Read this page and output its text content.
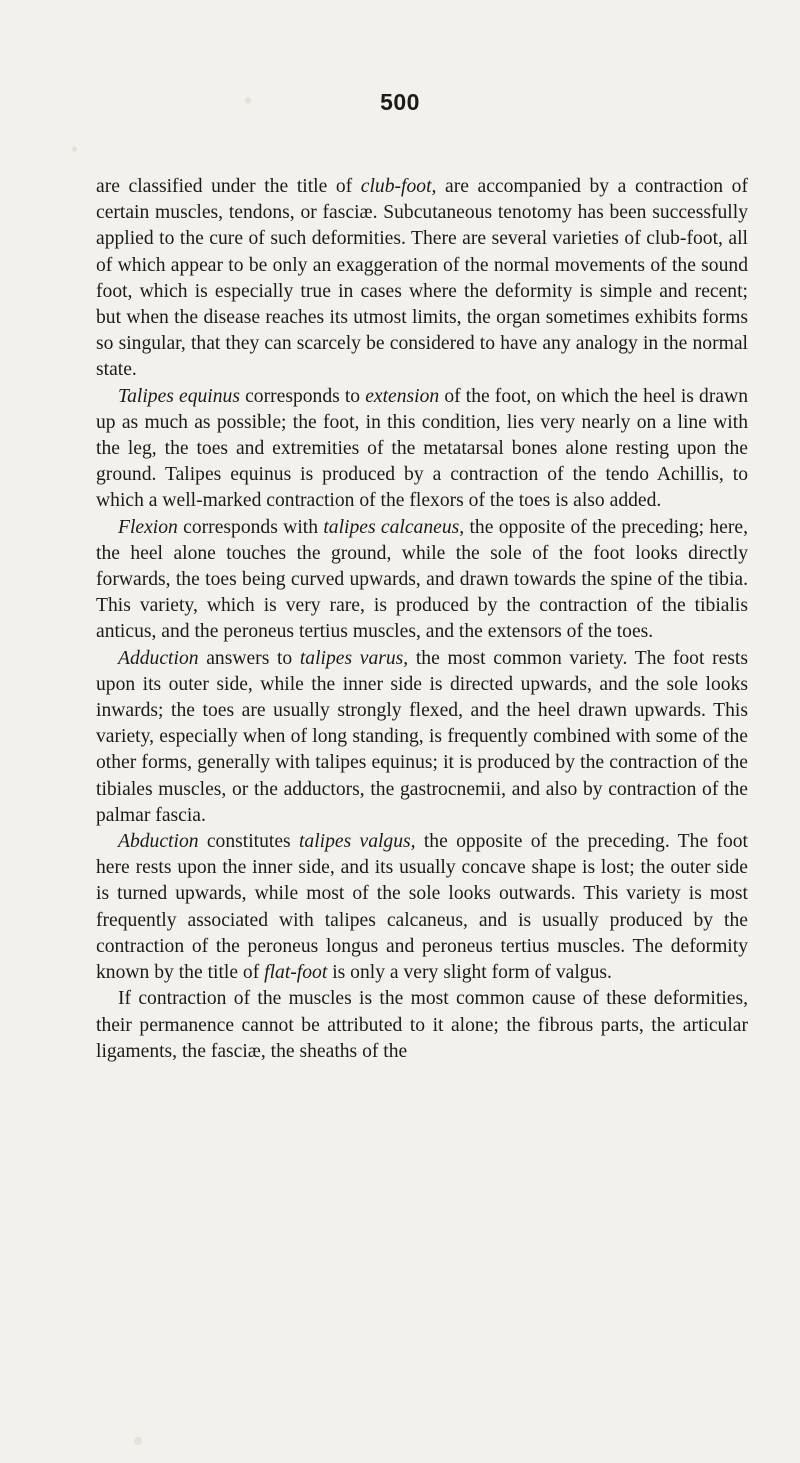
500

are classified under the title of club-foot, are accompanied by a contraction of certain muscles, tendons, or fasciæ. Subcutaneous tenotomy has been successfully applied to the cure of such deformities. There are several varieties of club-foot, all of which appear to be only an exaggeration of the normal movements of the sound foot, which is especially true in cases where the deformity is simple and recent; but when the disease reaches its utmost limits, the organ sometimes exhibits forms so singular, that they can scarcely be considered to have any analogy in the normal state.

Talipes equinus corresponds to extension of the foot, on which the heel is drawn up as much as possible; the foot, in this condition, lies very nearly on a line with the leg, the toes and extremities of the metatarsal bones alone resting upon the ground. Talipes equinus is produced by a contraction of the tendo Achillis, to which a well-marked contraction of the flexors of the toes is also added.

Flexion corresponds with talipes calcaneus, the opposite of the preceding; here, the heel alone touches the ground, while the sole of the foot looks directly forwards, the toes being curved upwards, and drawn towards the spine of the tibia. This variety, which is very rare, is produced by the contraction of the tibialis anticus, and the peroneus tertius muscles, and the extensors of the toes.

Adduction answers to talipes varus, the most common variety. The foot rests upon its outer side, while the inner side is directed upwards, and the sole looks inwards; the toes are usually strongly flexed, and the heel drawn upwards. This variety, especially when of long standing, is frequently combined with some of the other forms, generally with talipes equinus; it is produced by the contraction of the tibiales muscles, or the adductors, the gastrocnemii, and also by contraction of the palmar fascia.

Abduction constitutes talipes valgus, the opposite of the preceding. The foot here rests upon the inner side, and its usually concave shape is lost; the outer side is turned upwards, while most of the sole looks outwards. This variety is most frequently associated with talipes calcaneus, and is usually produced by the contraction of the peroneus longus and peroneus tertius muscles. The deformity known by the title of flat-foot is only a very slight form of valgus.

If contraction of the muscles is the most common cause of these deformities, their permanence cannot be attributed to it alone; the fibrous parts, the articular ligaments, the fasciæ, the sheaths of the
